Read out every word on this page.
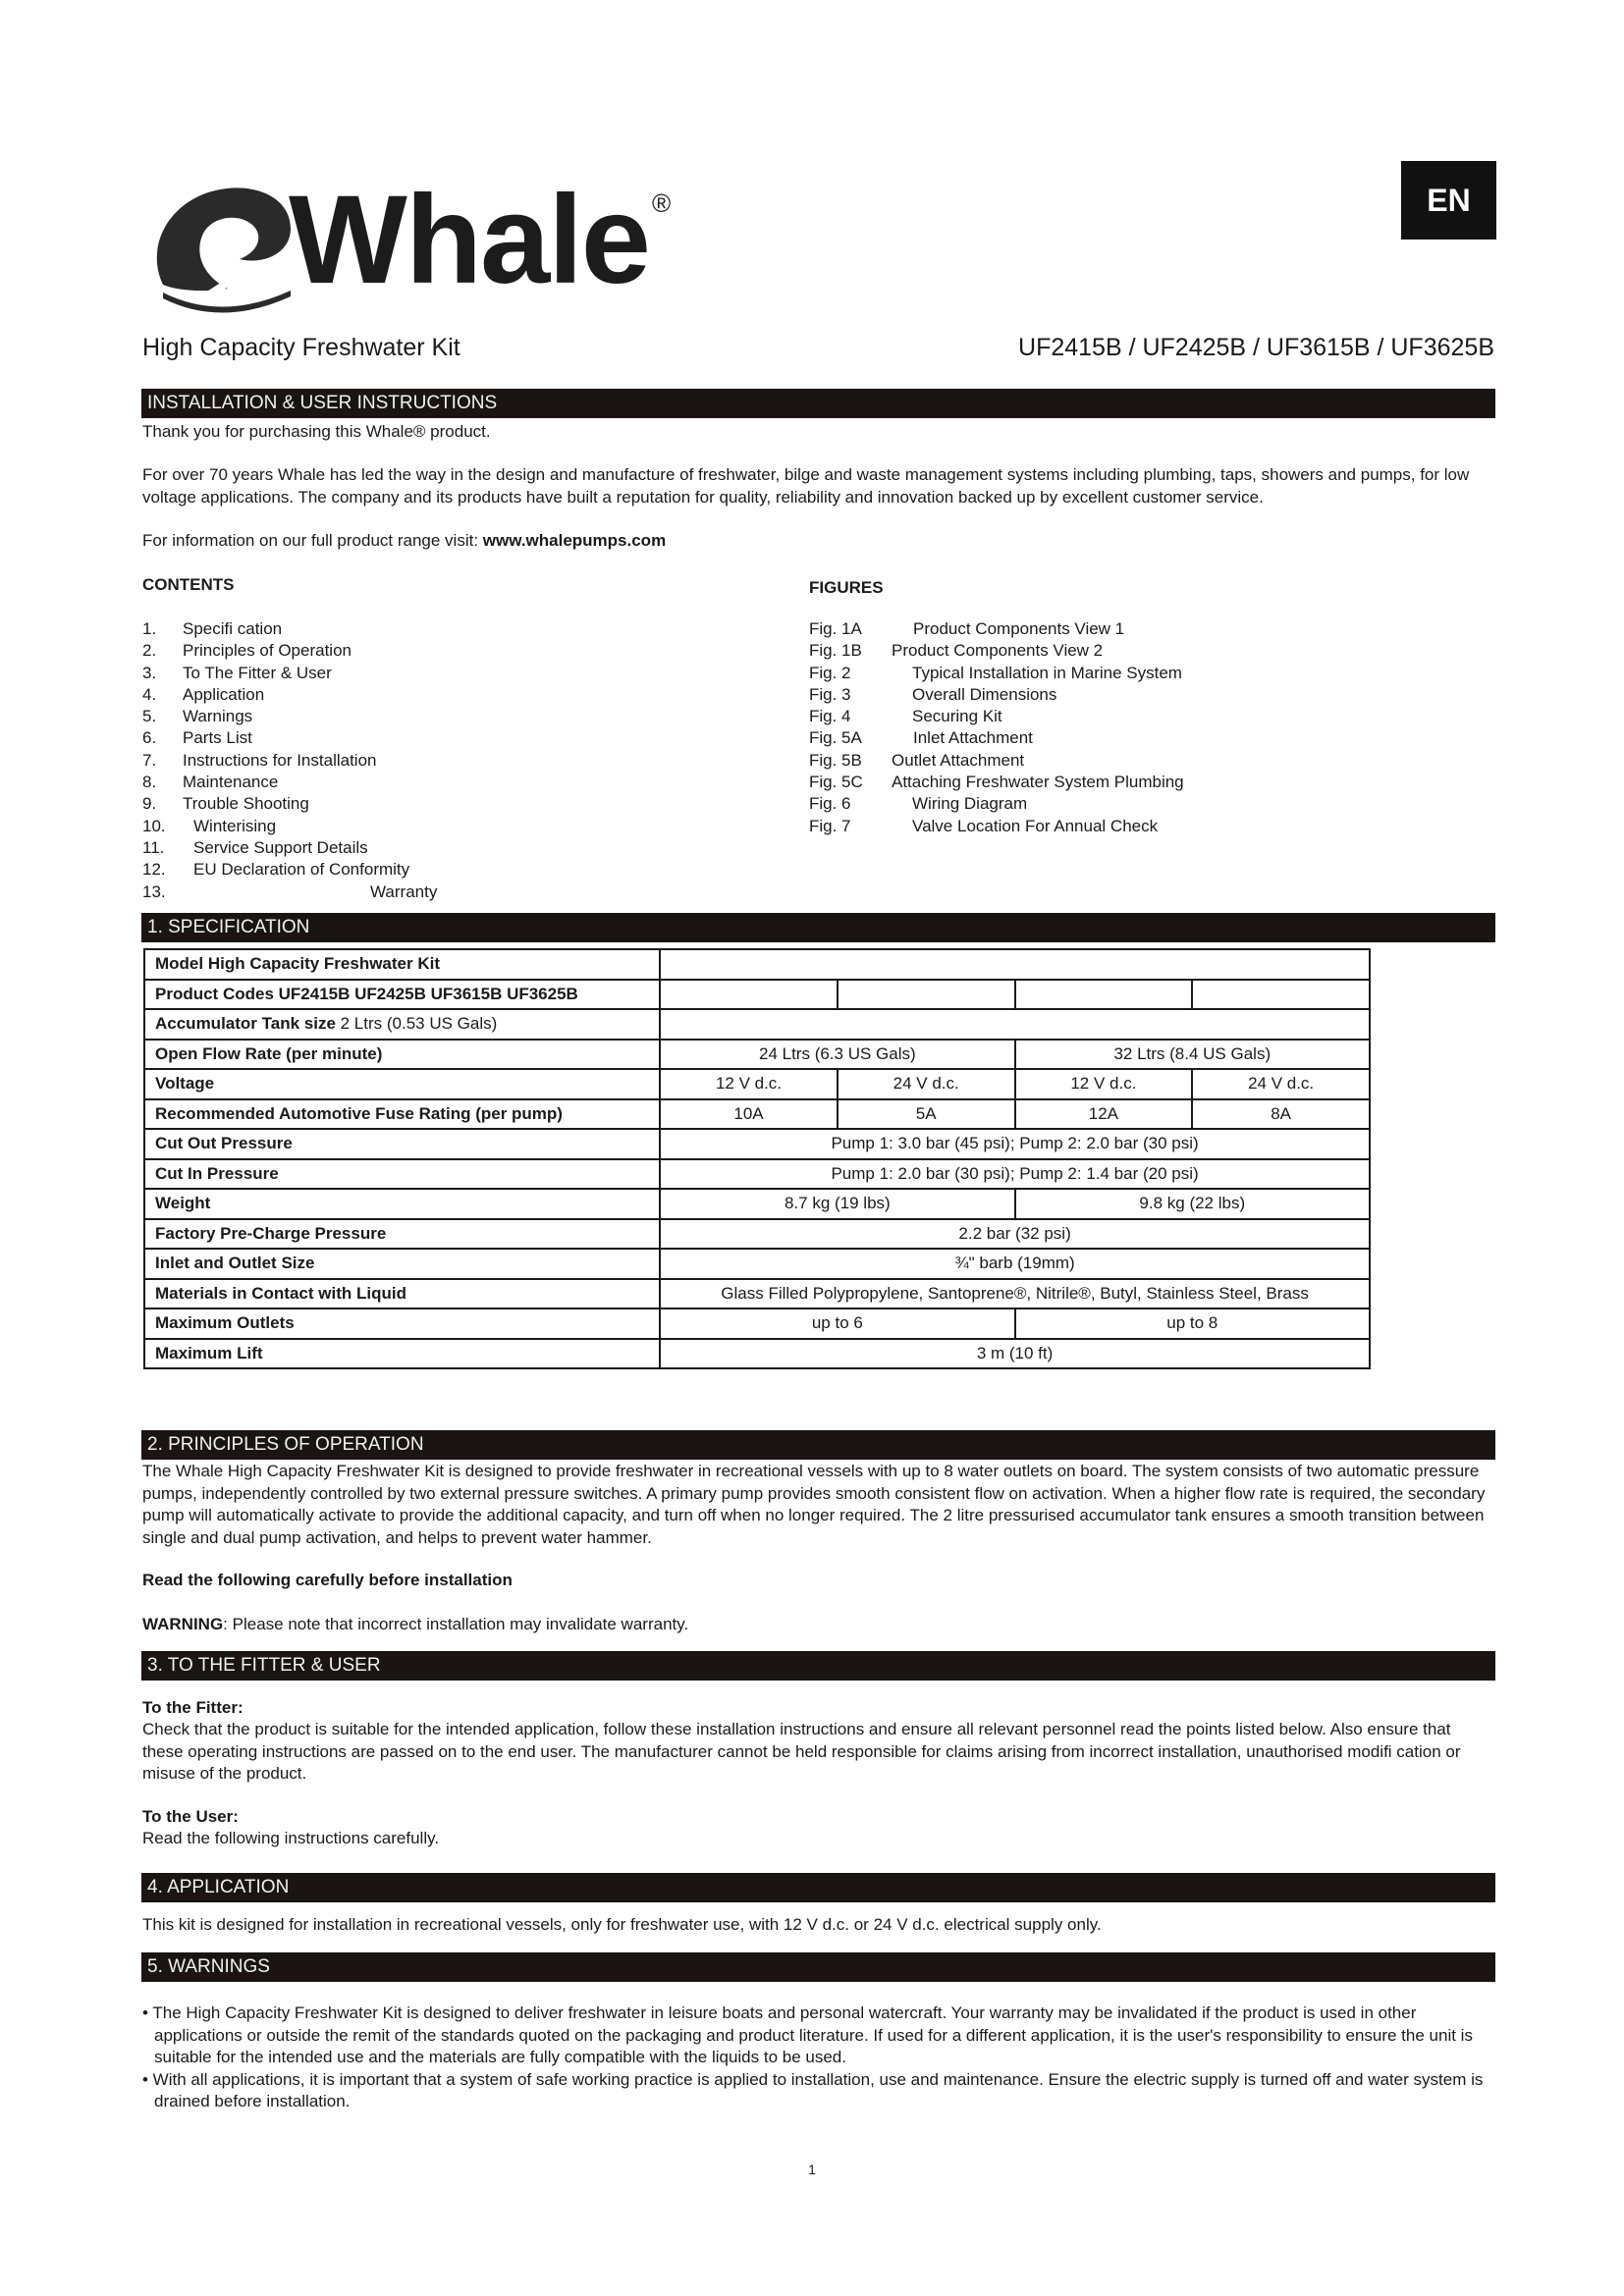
Whale ®	EN
High Capacity Freshwater Kit	UF2415B / UF2425B / UF3615B / UF3625B
INSTALLATION & USER INSTRUCTIONS
Thank you for purchasing this Whale® product.
For over 70 years Whale has led the way in the design and manufacture of freshwater, bilge and waste management systems including plumbing, taps, showers and pumps, for low voltage applications. The company and its products have built a reputation for quality, reliability and innovation backed up by excellent customer service.
For information on our full product range visit: www.whalepumps.com
CONTENTS	FIGURES
1.	Specifi cation
2.	Principles of Operation
3.	To The Fitter & User
4.	Application
5.	Warnings
6.	Parts List
7.	Instructions for Installation
8.	Maintenance
9.	Trouble Shooting
10.	Winterising
11.	Service Support Details
12.	EU Declaration of Conformity
13.	Warranty
Fig. 1A	Product Components View 1
Fig. 1B	Product Components View 2
Fig. 2	Typical Installation in Marine System
Fig. 3	Overall Dimensions
Fig. 4	Securing Kit
Fig. 5A	Inlet Attachment
Fig. 5B	Outlet Attachment
Fig. 5C	Attaching Freshwater System Plumbing
Fig. 6	Wiring Diagram
Fig. 7	Valve Location For Annual Check
1. SPECIFICATION
Model High Capacity Freshwater Kit				
Product Codes UF2415B UF2425B UF3615B UF3625B				
Accumulator Tank size 2 Ltrs (0.53 US Gals)				
Open Flow Rate (per minute)	24 Ltrs (6.3 US Gals)		32 Ltrs (8.4 US Gals)	
Voltage	12 V d.c.	24 V d.c.	12 V d.c.	24 V d.c.
Recommended Automotive Fuse Rating (per pump)	10A	5A	12A	8A
Cut Out Pressure	Pump 1: 3.0 bar (45 psi); Pump 2: 2.0 bar (30 psi)			
Cut In Pressure	Pump 1: 2.0 bar (30 psi); Pump 2: 1.4 bar (20 psi)			
Weight	8.7 kg (19 lbs)		9.8 kg (22 lbs)	
Factory Pre-Charge Pressure	2.2 bar (32 psi)			
Inlet and Outlet Size	¾" barb (19mm)			
Materials in Contact with Liquid	Glass Filled Polypropylene, Santoprene®, Nitrile®, Butyl, Stainless Steel, Brass			
Maximum Outlets	up to 6		up to 8	
Maximum Lift	3 m (10 ft)			
2. PRINCIPLES OF OPERATION
The Whale High Capacity Freshwater Kit is designed to provide freshwater in recreational vessels with up to 8 water outlets on board. The system consists of two automatic pressure pumps, independently controlled by two external pressure switches. A primary pump provides smooth consistent flow on activation. When a higher flow rate is required, the secondary pump will automatically activate to provide the additional capacity, and turn off when no longer required. The 2 litre pressurised accumulator tank ensures a smooth transition between single and dual pump activation, and helps to prevent water hammer.
Read the following carefully before installation
WARNING: Please note that incorrect installation may invalidate warranty.
3. TO THE FITTER & USER
To the Fitter:
Check that the product is suitable for the intended application, follow these installation instructions and ensure all relevant personnel read the points listed below. Also ensure that these operating instructions are passed on to the end user. The manufacturer cannot be held responsible for claims arising from incorrect installation, unauthorised modifi cation or misuse of the product.
To the User:
Read the following instructions carefully.
4. APPLICATION
This kit is designed for installation in recreational vessels, only for freshwater use, with 12 V d.c. or 24 V d.c. electrical supply only.
5. WARNINGS
• The High Capacity Freshwater Kit is designed to deliver freshwater in leisure boats and personal watercraft. Your warranty may be invalidated if the product is used in other applications or outside the remit of the standards quoted on the packaging and product literature. If used for a different application, it is the user's responsibility to ensure the unit is suitable for the intended use and the materials are fully compatible with the liquids to be used.
• With all applications, it is important that a system of safe working practice is applied to installation, use and maintenance. Ensure the electric supply is turned off and water system is drained before installation.
1
